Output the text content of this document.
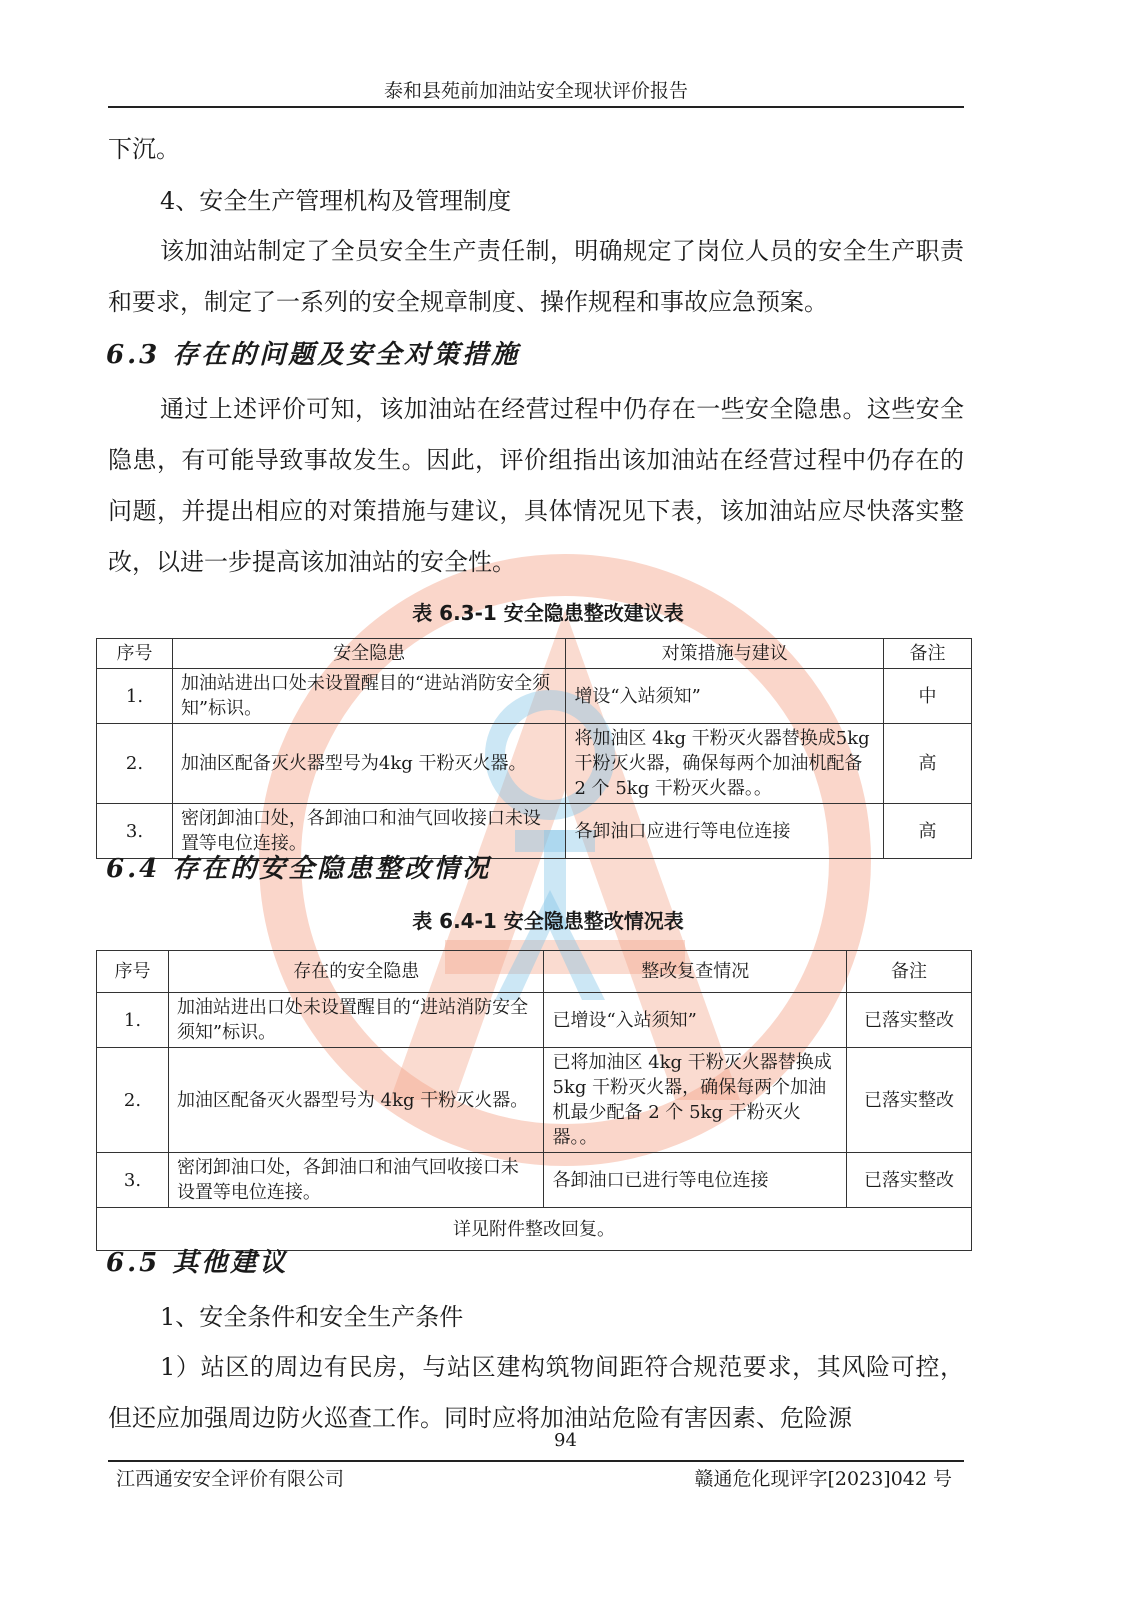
泰和县苑前加油站安全现状评价报告

下沉。

4、安全生产管理机构及管理制度

该加油站制定了全员安全生产责任制，明确规定了岗位人员的安全生产职责和要求，制定了一系列的安全规章制度、操作规程和事故应急预案。

6.3 存在的问题及安全对策措施

通过上述评价可知，该加油站在经营过程中仍存在一些安全隐患。这些安全隐患，有可能导致事故发生。因此，评价组指出该加油站在经营过程中仍存在的问题，并提出相应的对策措施与建议，具体情况见下表，该加油站应尽快落实整改，以进一步提高该加油站的安全性。

表 6.3-1 安全隐患整改建议表
序号	安全隐患	对策措施与建议	备注
1.	加油站进出口处未设置醒目的“进站消防安全须知”标识。	增设“入站须知”	中
2.	加油区配备灭火器型号为4kg 干粉灭火器。	将加油区 4kg 干粉灭火器替换成5kg 干粉灭火器，确保每两个加油机配备 2 个 5kg 干粉灭火器。。	高
3.	密闭卸油口处，各卸油口和油气回收接口未设置等电位连接。	各卸油口应进行等电位连接	高
6.4 存在的安全隐患整改情况
表 6.4-1 安全隐患整改情况表
序号	存在的安全隐患	整改复查情况	备注
1.	加油站进出口处未设置醒目的“进站消防安全须知”标识。	已增设“入站须知”	已落实整改
2.	加油区配备灭火器型号为 4kg 干粉灭火器。	已将加油区 4kg 干粉灭火器替换成 5kg 干粉灭火器，确保每两个加油机最少配备 2 个 5kg 干粉灭火器。。	已落实整改
3.	密闭卸油口处，各卸油口和油气回收接口未设置等电位连接。	各卸油口已进行等电位连接	已落实整改
详见附件整改回复。			
6.5 其他建议

1、安全条件和安全生产条件

1）站区的周边有民房，与站区建构筑物间距符合规范要求，其风险可控，但还应加强周边防火巡查工作。同时应将加油站危险有害因素、危险源

94
江西通安安全评价有限公司	赣通危化现评字[2023]042 号
